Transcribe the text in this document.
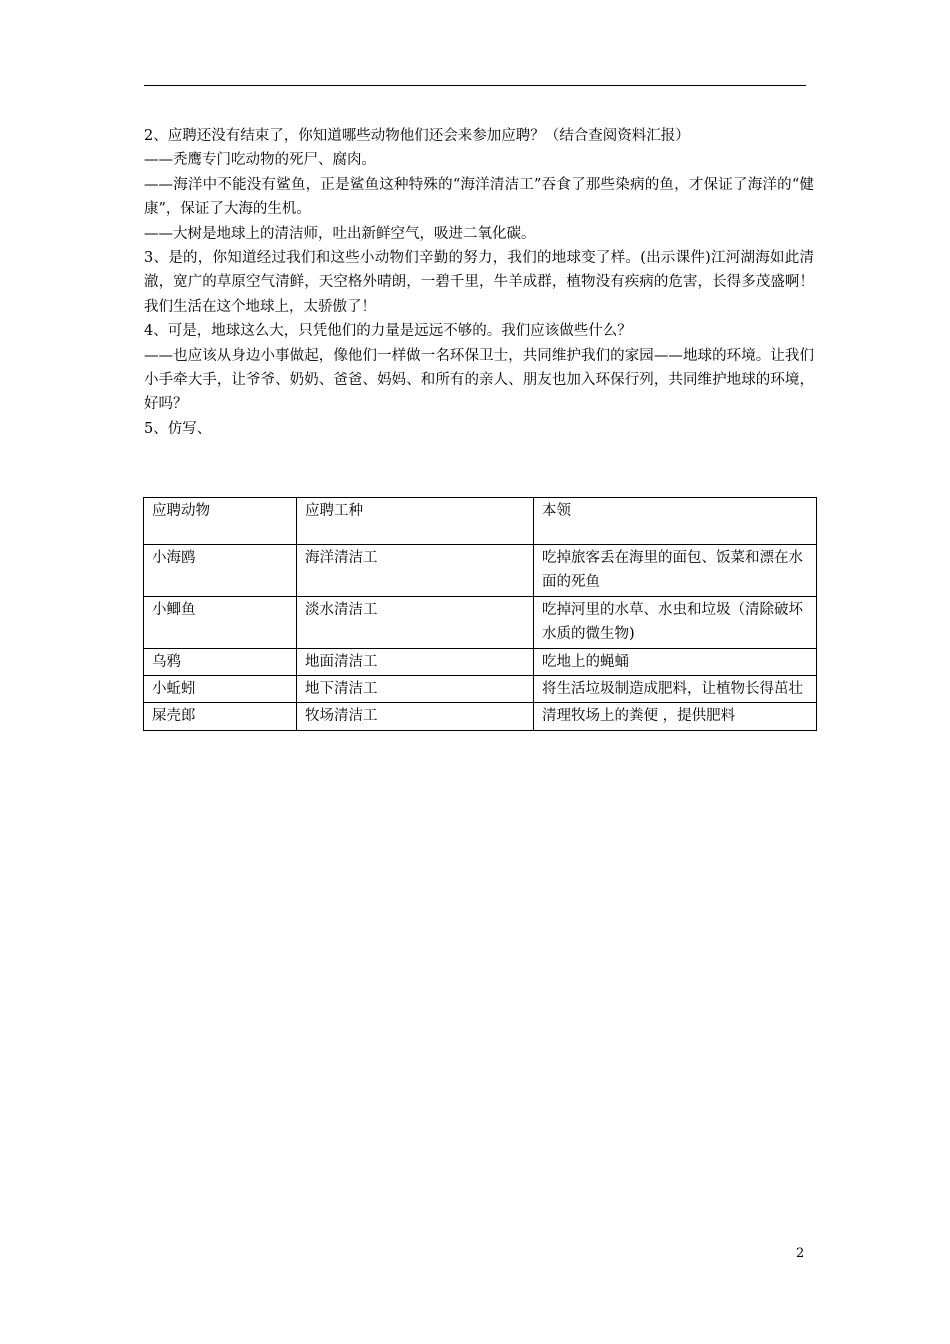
2、应聘还没有结束了，你知道哪些动物他们还会来参加应聘？（结合查阅资料汇报）

——秃鹰专门吃动物的死尸、腐肉。

——海洋中不能没有鲨鱼，正是鲨鱼这种特殊的“海洋清洁工”吞食了那些染病的鱼，才保证了海洋的“健康”，保证了大海的生机。

——大树是地球上的清洁师，吐出新鲜空气，吸进二氧化碳。

3、是的，你知道经过我们和这些小动物们辛勤的努力，我们的地球变了样。(出示课件)江河湖海如此清澈，宽广的草原空气清鲜，天空格外晴朗，一碧千里，牛羊成群，植物没有疾病的危害，长得多茂盛啊！我们生活在这个地球上，太骄傲了！

4、可是，地球这么大，只凭他们的力量是远远不够的。我们应该做些什么？

——也应该从身边小事做起，像他们一样做一名环保卫士，共同维护我们的家园——地球的环境。让我们小手牵大手，让爷爷、奶奶、爸爸、妈妈、和所有的亲人、朋友也加入环保行列，共同维护地球的环境，好吗？

5、仿写、

应聘动物	应聘工种	本领
小海鸥	海洋清洁工	吃掉旅客丢在海里的面包、饭菜和漂在水面的死鱼
小鲫鱼	淡水清洁工	吃掉河里的水草、水虫和垃圾（清除破坏水质的微生物)
乌鸦	地面清洁工	吃地上的蝇蛹
小蚯蚓	地下清洁工	将生活垃圾制造成肥料，让植物长得茁壮
屎壳郎	牧场清洁工	清理牧场上的粪便 ，提供肥料
2
